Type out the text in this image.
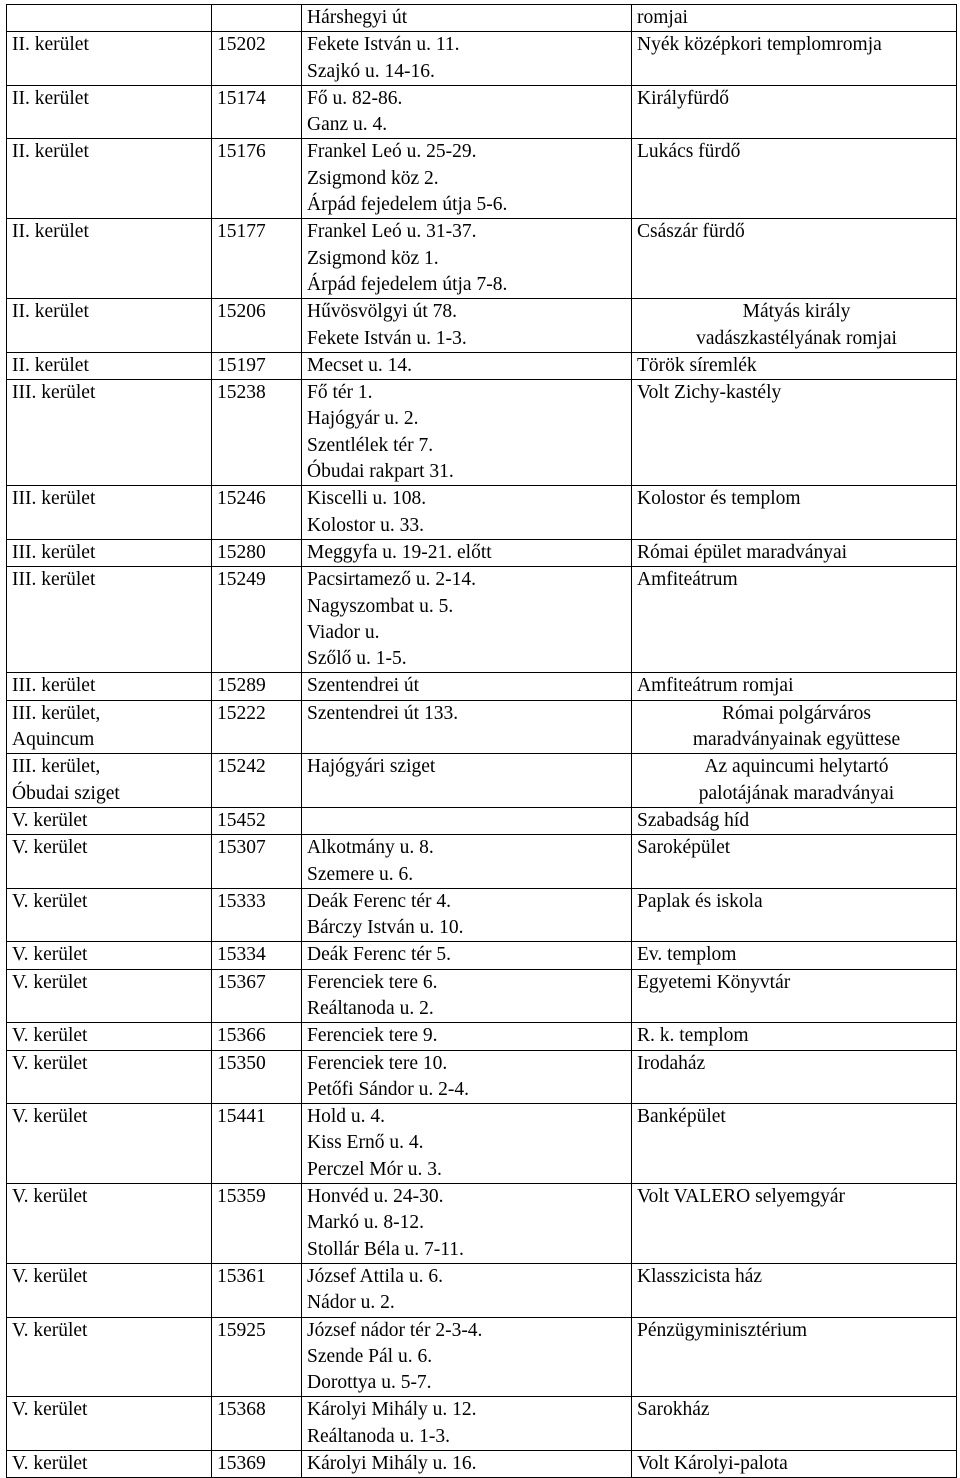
		Hárshegyi út	romjai

II. kerület	15202	Fekete István u. 11.
Szajkó u. 14-16.	Nyék középkori templomromja

II. kerület	15174	Fő u. 82-86.
Ganz u. 4.	Királyfürdő

II. kerület	15176	Frankel Leó u. 25-29.
Zsigmond köz 2.
Árpád fejedelem útja 5-6.	Lukács fürdő

II. kerület	15177	Frankel Leó u. 31-37.
Zsigmond köz 1.
Árpád fejedelem útja 7-8.	Császár fürdő

II. kerület	15206	Hűvösvölgyi út 78.
Fekete István u. 1-3.	Mátyás király
vadászkastélyának romjai

II. kerület	15197	Mecset u. 14.	Török síremlék

III. kerület	15238	Fő tér 1.
Hajógyár u. 2.
Szentlélek tér 7.
Óbudai rakpart 31.	Volt Zichy-kastély

III. kerület	15246	Kiscelli u. 108.
Kolostor u. 33.	Kolostor és templom

III. kerület	15280	Meggyfa u. 19-21. előtt	Római épület maradványai

III. kerület	15249	Pacsirtamező u. 2-14.
Nagyszombat u. 5.
Viador u.
Szőlő u. 1-5.	Amfiteátrum

III. kerület	15289	Szentendrei út	Amfiteátrum romjai

III. kerület,
Aquincum	15222	Szentendrei út 133.	Római polgárváros
maradványainak együttese

III. kerület,
Óbudai sziget	15242	Hajógyári sziget	Az aquincumi helytartó
palotájának maradványai

V. kerület	15452		Szabadság híd

V. kerület	15307	Alkotmány u. 8.
Szemere u. 6.	Saroképület

V. kerület	15333	Deák Ferenc tér 4.
Bárczy István u. 10.	Paplak és iskola

V. kerület	15334	Deák Ferenc tér 5.	Ev. templom

V. kerület	15367	Ferenciek tere 6.
Reáltanoda u. 2.	Egyetemi Könyvtár

V. kerület	15366	Ferenciek tere 9.	R. k. templom

V. kerület	15350	Ferenciek tere 10.
Petőfi Sándor u. 2-4.	Irodaház

V. kerület	15441	Hold u. 4.
Kiss Ernő u. 4.
Perczel Mór u. 3.	Banképület

V. kerület	15359	Honvéd u. 24-30.
Markó u. 8-12.
Stollár Béla u. 7-11.	Volt VALERO selyemgyár

V. kerület	15361	József Attila u. 6.
Nádor u. 2.	Klasszicista ház

V. kerület	15925	József nádor tér 2-3-4.
Szende Pál u. 6.
Dorottya u. 5-7.	Pénzügyminisztérium

V. kerület	15368	Károlyi Mihály u. 12.
Reáltanoda u. 1-3.	Sarokház

V. kerület	15369	Károlyi Mihály u. 16.	Volt Károlyi-palota
